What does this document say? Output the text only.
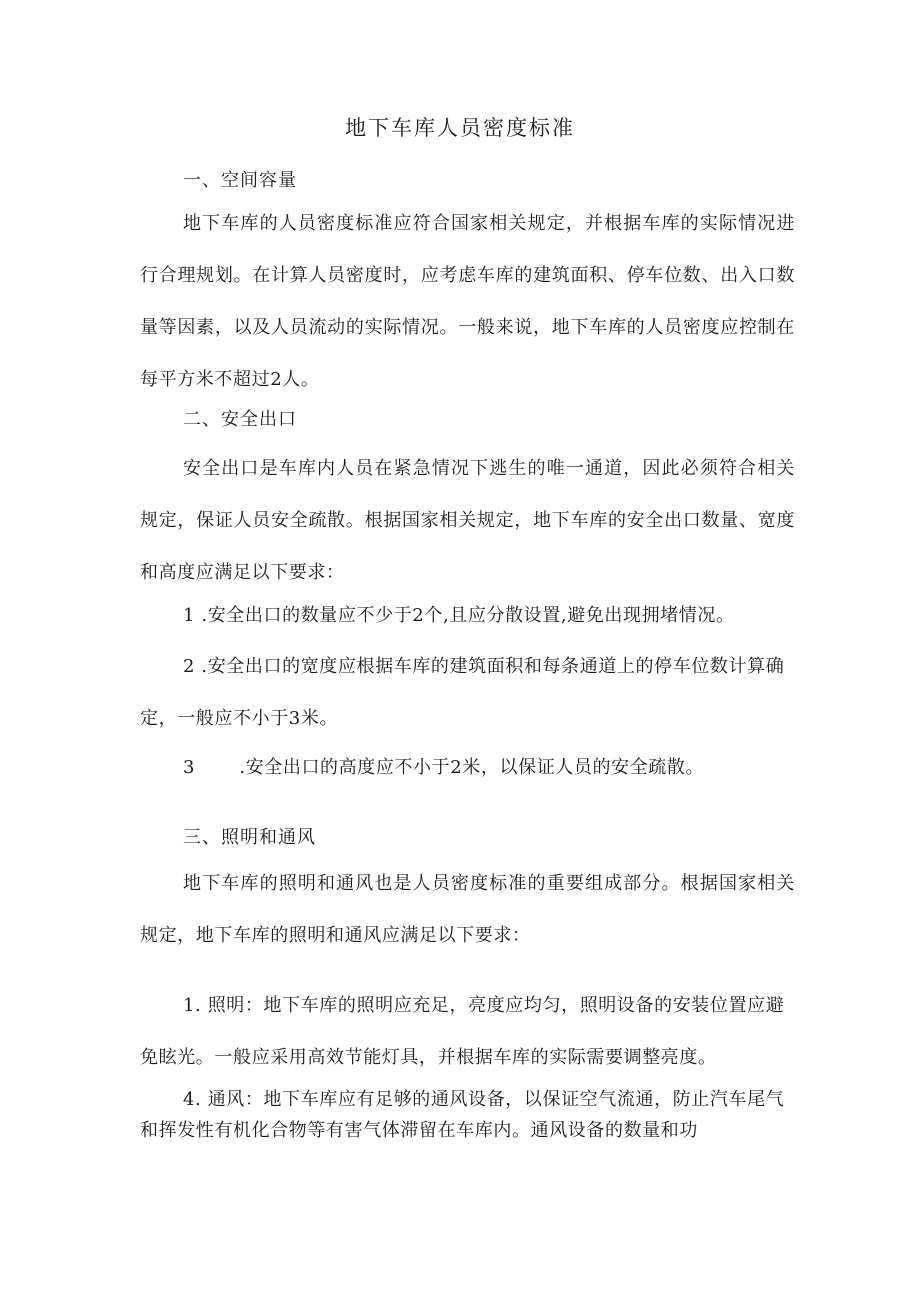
地下车库人员密度标准
一、空间容量

地下车库的人员密度标准应符合国家相关规定，并根据车库的实际情况进行合理规划。在计算人员密度时，应考虑车库的建筑面积、停车位数、出入口数量等因素，以及人员流动的实际情况。一般来说，地下车库的人员密度应控制在每平方米不超过2人。

二、安全出口

安全出口是车库内人员在紧急情况下逃生的唯一通道，因此必须符合相关规定，保证人员安全疏散。根据国家相关规定，地下车库的安全出口数量、宽度和高度应满足以下要求：

1 .安全出口的数量应不少于2个,且应分散设置,避免出现拥堵情况。

2 .安全出口的宽度应根据车库的建筑面积和每条通道上的停车位数计算确定，一般应不小于3米。

3 .安全出口的高度应不小于2米，以保证人员的安全疏散。

三、照明和通风

地下车库的照明和通风也是人员密度标准的重要组成部分。根据国家相关规定，地下车库的照明和通风应满足以下要求：

1. 照明：地下车库的照明应充足，亮度应均匀，照明设备的安装位置应避免眩光。一般应采用高效节能灯具，并根据车库的实际需要调整亮度。

4. 通风：地下车库应有足够的通风设备，以保证空气流通，防止汽车尾气和挥发性有机化合物等有害气体滞留在车库内。通风设备的数量和功
